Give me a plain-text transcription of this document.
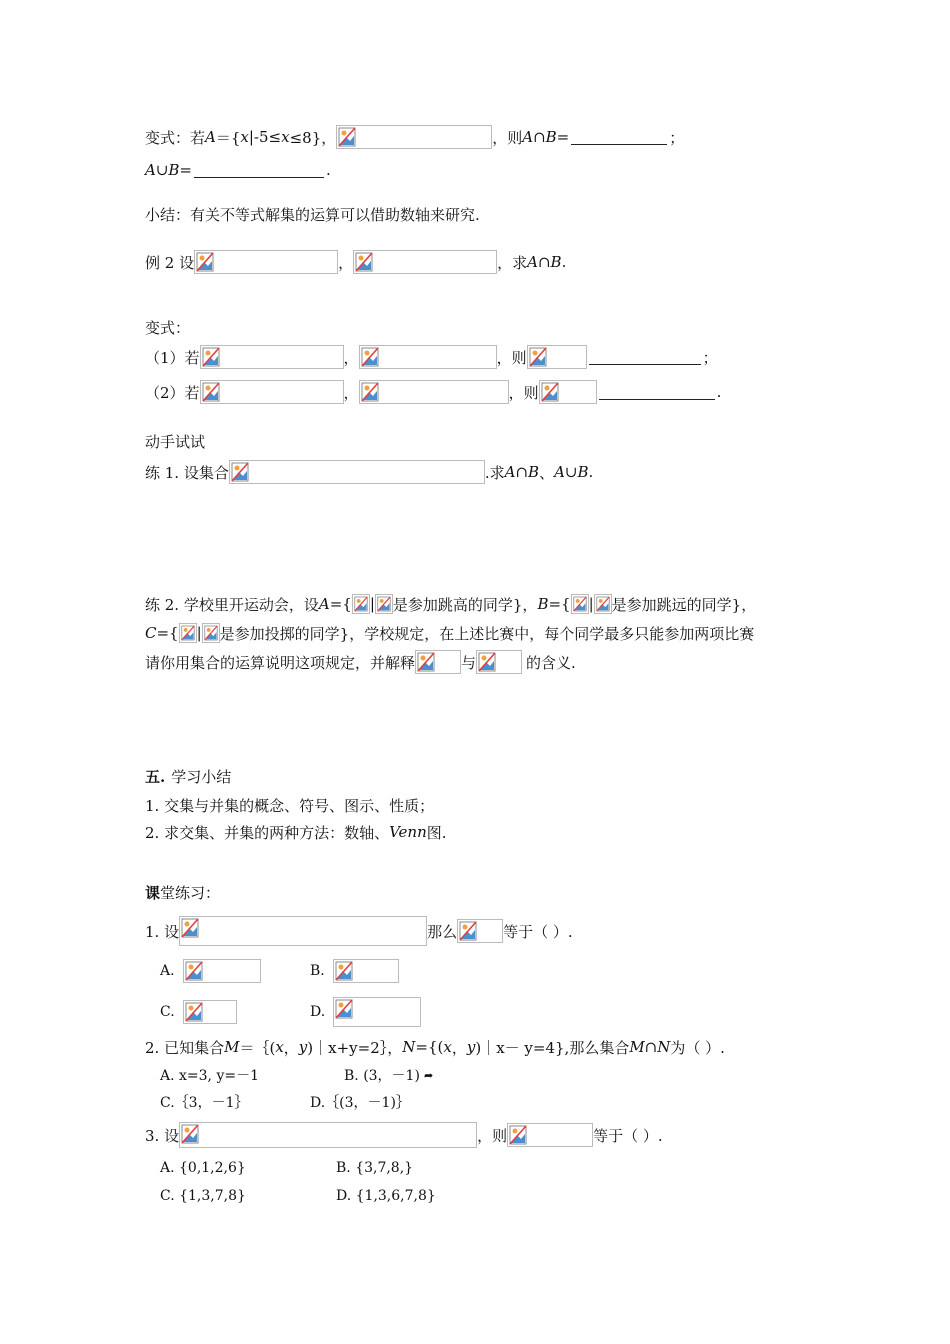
变式：若 A ＝{ x |-5≤ x ≤8}，	，则 A∩B=	；
A∪B=	.
小结：有关不等式解集的运算可以借助数轴来研究.
例 2 设	，	，求 A∩B .
变式：
（1）若	，	，则	；
（2）若	，	，则	.
动手试试
练 1. 设集合	.求 A∩B 、 A∪B .
练 2. 学校里开运动会，设 A ={ | 是参加跳高的同学}， B ={ | 是参加跳远的同学}，
C ={ | 是参加投掷的同学}，学校规定，在上述比赛中，每个同学最多只能参加两项比赛
请你用集合的运算说明这项规定，并解释	与	的含义.
五. 学习小结
1. 交集与并集的概念、符号、图示、性质；
2. 求交集、并集的两种方法：数轴、 Venn 图.
课 堂练习：
1. 设	那么	等于（ ）.
A.	B.
C.	D.
2. 已知集合 M ＝｛( x ， y )｜ x+y=2｝， N ={( x ， y )｜ x－ y=4},那么集合 M∩N 为（ ）.
A. x=3, y=－1	B. (3，－1) ➦
C.｛3，－1｝	D.｛(3，－1)｝
3. 设	，则	等于（ ）.
A. {0,1,2,6}	B. {3,7,8,}
C. {1,3,7,8}	D. {1,3,6,7,8}
